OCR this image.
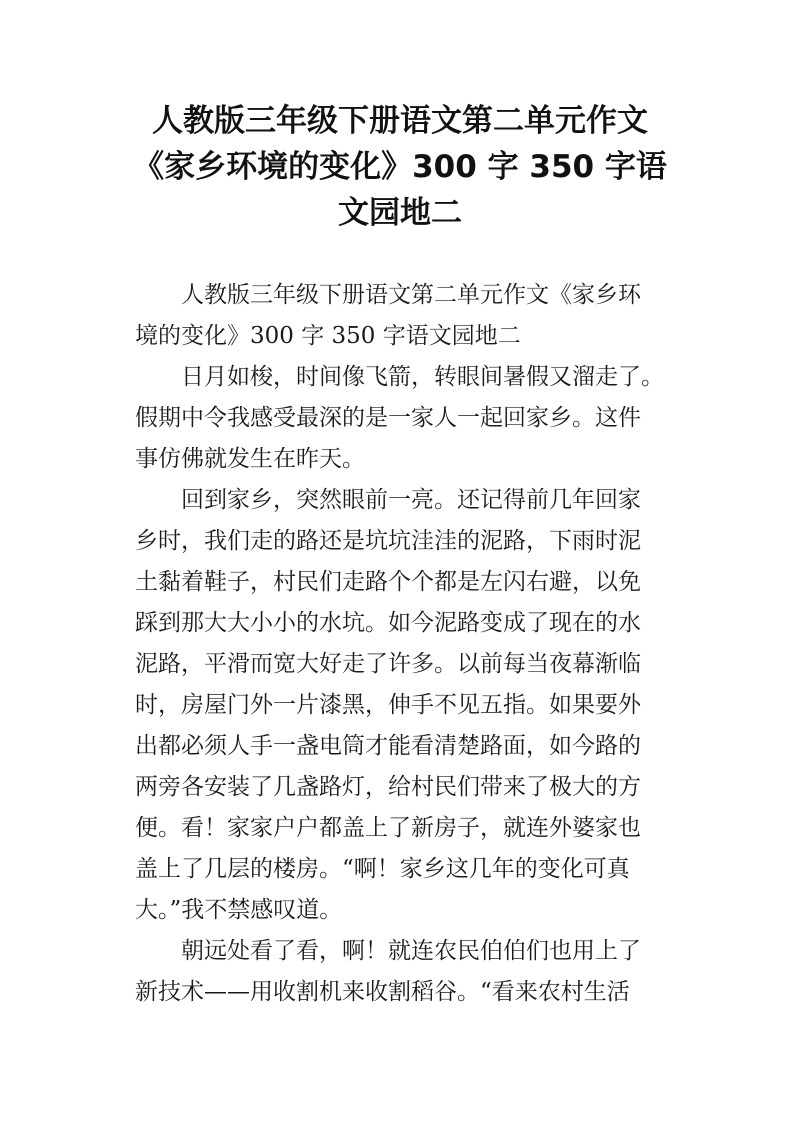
人教版三年级下册语文第二单元作文
《家乡环境的变化》300 字 350 字语
文园地二

人教版三年级下册语文第二单元作文《家乡环
境的变化》300 字 350 字语文园地二

日月如梭，时间像飞箭，转眼间暑假又溜走了。
假期中令我感受最深的是一家人一起回家乡。这件
事仿佛就发生在昨天。

回到家乡，突然眼前一亮。还记得前几年回家
乡时，我们走的路还是坑坑洼洼的泥路，下雨时泥
土黏着鞋子，村民们走路个个都是左闪右避，以免
踩到那大大小小的水坑。如今泥路变成了现在的水
泥路，平滑而宽大好走了许多。以前每当夜幕渐临
时，房屋门外一片漆黑，伸手不见五指。如果要外
出都必须人手一盏电筒才能看清楚路面，如今路的
两旁各安装了几盏路灯，给村民们带来了极大的方
便。看！家家户户都盖上了新房子，就连外婆家也
盖上了几层的楼房。“啊！家乡这几年的变化可真
大。”我不禁感叹道。

朝远处看了看，啊！就连农民伯伯们也用上了
新技术——用收割机来收割稻谷。“看来农村生活
